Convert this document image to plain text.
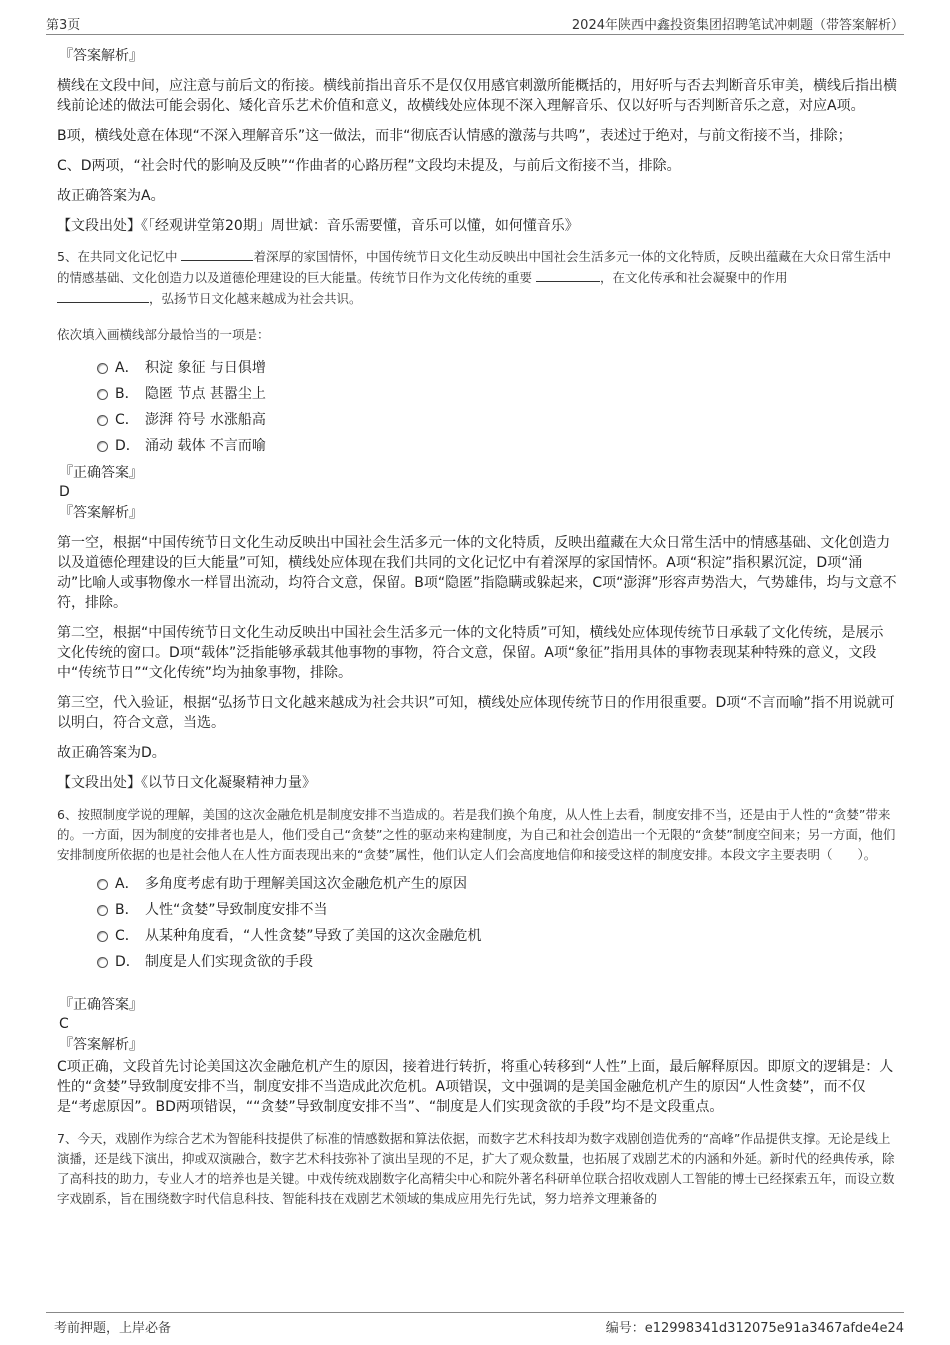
第3页	2024年陕西中鑫投资集团招聘笔试冲刺题（带答案解析）
『答案解析』
横线在文段中间，应注意与前后文的衔接。横线前指出音乐不是仅仅用感官刺激所能概括的，用好听与否去判断音乐审美，横线后指出横线前论述的做法可能会弱化、矮化音乐艺术价值和意义，故横线处应体现不深入理解音乐、仅以好听与否判断音乐之意，对应A项。
B项，横线处意在体现“不深入理解音乐”这一做法，而非“彻底否认情感的激荡与共鸣”，表述过于绝对，与前文衔接不当，排除；
C、D两项，“社会时代的影响及反映”“作曲者的心路历程”文段均未提及，与前后文衔接不当，排除。
故正确答案为A。
【文段出处】《「经观讲堂第20期」周世斌：音乐需要懂，音乐可以懂，如何懂音乐》
5、在共同文化记忆中	着深厚的家国情怀，中国传统节日文化生动反映出中国社会生活多元一体的文化特质，反映出蕴藏在大众日常生活中的情感基础、文化创造力以及道德伦理建设的巨大能量。传统节日作为文化传统的重要	，在文化传承和社会凝聚中的作用
，弘扬节日文化越来越成为社会共识。
依次填入画横线部分最恰当的一项是：
A． 积淀 象征 与日俱增
B． 隐匿 节点 甚嚣尘上
C． 澎湃 符号 水涨船高
D． 涌动 载体 不言而喻
『正确答案』
D
『答案解析』
第一空，根据“中国传统节日文化生动反映出中国社会生活多元一体的文化特质，反映出蕴藏在大众日常生活中的情感基础、文化创造力以及道德伦理建设的巨大能量”可知，横线处应体现在我们共同的文化记忆中有着深厚的家国情怀。A项“积淀”指积累沉淀，D项“涌动”比喻人或事物像水一样冒出流动，均符合文意，保留。B项“隐匿”指隐瞒或躲起来，C项“澎湃”形容声势浩大，气势雄伟，均与文意不符，排除。
第二空，根据“中国传统节日文化生动反映出中国社会生活多元一体的文化特质”可知，横线处应体现传统节日承载了文化传统，是展示文化传统的窗口。D项“载体”泛指能够承载其他事物的事物，符合文意，保留。A项“象征”指用具体的事物表现某种特殊的意义，文段中“传统节日”“文化传统”均为抽象事物，排除。
第三空，代入验证，根据“弘扬节日文化越来越成为社会共识”可知，横线处应体现传统节日的作用很重要。D项“不言而喻”指不用说就可以明白，符合文意，当选。
故正确答案为D。
【文段出处】《以节日文化凝聚精神力量》
6、按照制度学说的理解，美国的这次金融危机是制度安排不当造成的。若是我们换个角度，从人性上去看，制度安排不当，还是由于人性的“贪婪”带来的。一方面，因为制度的安排者也是人，他们受自己“贪婪”之性的驱动来构建制度，为自己和社会创造出一个无限的“贪婪”制度空间来；另一方面，他们安排制度所依据的也是社会他人在人性方面表现出来的“贪婪”属性，他们认定人们会高度地信仰和接受这样的制度安排。本段文字主要表明（　　）。
A． 多角度考虑有助于理解美国这次金融危机产生的原因
B． 人性“贪婪”导致制度安排不当
C． 从某种角度看，“人性贪婪”导致了美国的这次金融危机
D． 制度是人们实现贪欲的手段
『正确答案』
C
『答案解析』
C项正确，文段首先讨论美国这次金融危机产生的原因，接着进行转折，将重心转移到“人性”上面，最后解释原因。即原文的逻辑是：人性的“贪婪”导致制度安排不当，制度安排不当造成此次危机。A项错误，文中强调的是美国金融危机产生的原因“人性贪婪”，而不仅是“考虑原因”。BD两项错误，““贪婪”导致制度安排不当”、“制度是人们实现贪欲的手段”均不是文段重点。
7、今天，戏剧作为综合艺术为智能科技提供了标准的情感数据和算法依据，而数字艺术科技却为数字戏剧创造优秀的“高峰”作品提供支撑。无论是线上演播，还是线下演出，抑或双演融合，数字艺术科技弥补了演出呈现的不足，扩大了观众数量，也拓展了戏剧艺术的内涵和外延。新时代的经典传承，除了高科技的助力，专业人才的培养也是关键。中戏传统戏剧数字化高精尖中心和院外著名科研单位联合招收戏剧人工智能的博士已经探索五年，而设立数字戏剧系，旨在围绕数字时代信息科技、智能科技在戏剧艺术领域的集成应用先行先试，努力培养文理兼备的
考前押题，上岸必备	编号：e12998341d312075e91a3467afde4e24
